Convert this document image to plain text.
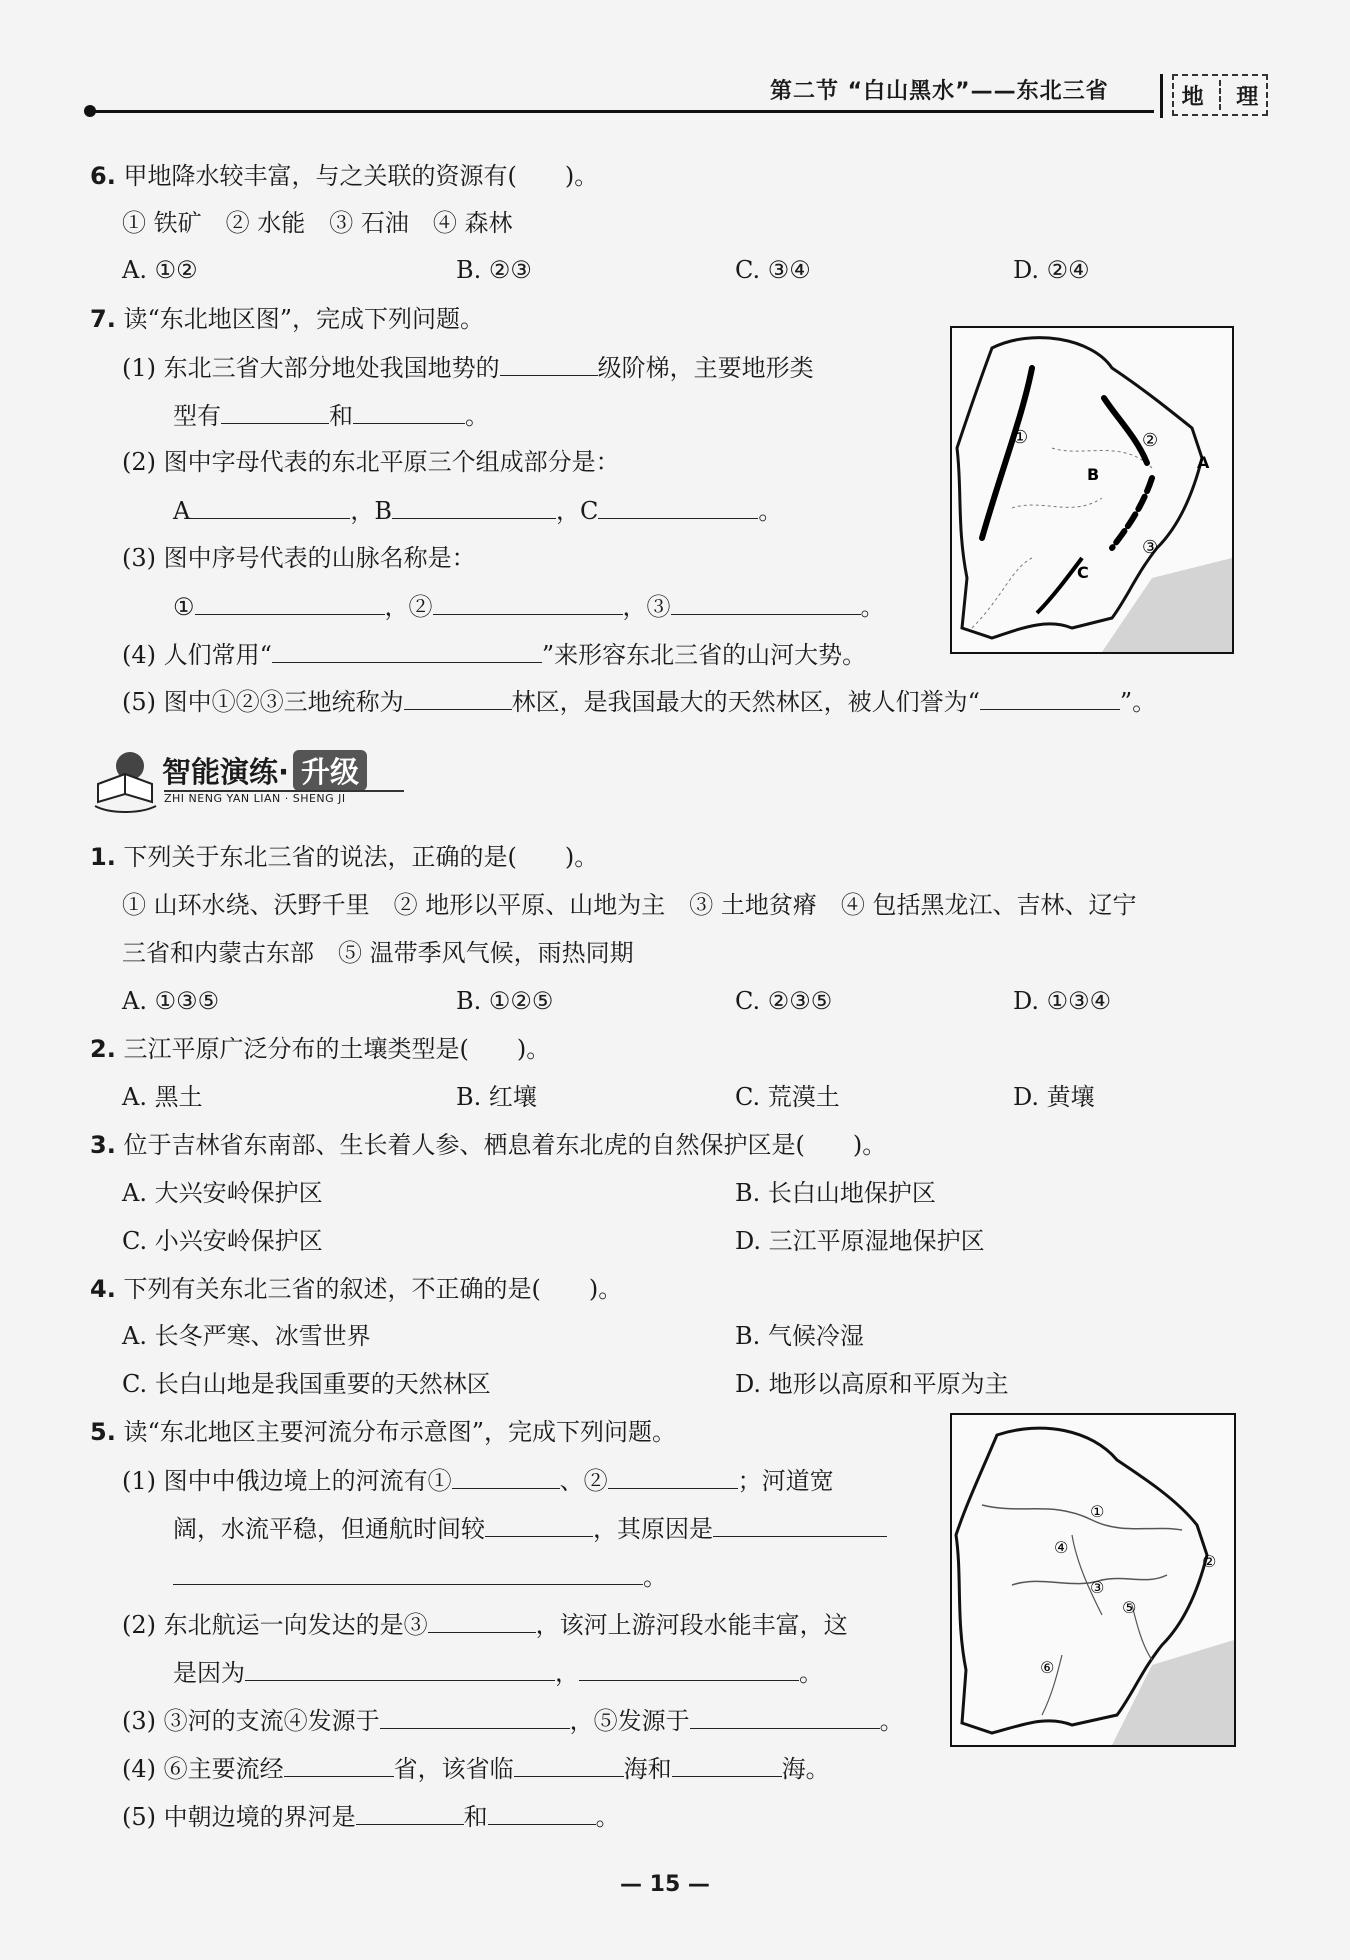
第二节 “白山黑水”——东北三省	地 理
6. 甲地降水较丰富，与之关联的资源有(　　)。
① 铁矿　② 水能　③ 石油　④ 森林
A. ①②	B. ②③	C. ③④	D. ②④
7. 读“东北地区图”，完成下列问题。
(1) 东北三省大部分地处我国地势的	级阶梯，主要地形类
型有	和	。
(2) 图中字母代表的东北平原三个组成部分是：
A	，B	，C	。
(3) 图中序号代表的山脉名称是：
①	，②	，③	。
(4) 人们常用“	”来形容东北三省的山河大势。
(5) 图中①②③三地统称为	林区，是我国最大的天然林区，被人们誉为“	”。
①	②
③
A
B
C
智能演练· 升级
ZHI NENG YAN LIAN · SHENG JI
1. 下列关于东北三省的说法，正确的是(　　)。
① 山环水绕、沃野千里　② 地形以平原、山地为主　③ 土地贫瘠　④ 包括黑龙江、吉林、辽宁
三省和内蒙古东部　⑤ 温带季风气候，雨热同期
A. ①③⑤	B. ①②⑤	C. ②③⑤	D. ①③④
2. 三江平原广泛分布的土壤类型是(　　)。
A. 黑土	B. 红壤	C. 荒漠土	D. 黄壤
3. 位于吉林省东南部、生长着人参、栖息着东北虎的自然保护区是(　　)。
A. 大兴安岭保护区	B. 长白山地保护区
C. 小兴安岭保护区	D. 三江平原湿地保护区
4. 下列有关东北三省的叙述，不正确的是(　　)。
A. 长冬严寒、冰雪世界	B. 气候冷湿
C. 长白山地是我国重要的天然林区	D. 地形以高原和平原为主
5. 读“东北地区主要河流分布示意图”，完成下列问题。
(1) 图中中俄边境上的河流有①	、②	；河道宽
阔，水流平稳，但通航时间较	，其原因是
。
(2) 东北航运一向发达的是③	，该河上游河段水能丰富，这
是因为	，	。
(3) ③河的支流④发源于	，⑤发源于	。
(4) ⑥主要流经	省，该省临	海和	海。
(5) 中朝边境的界河是	和	。
①
②
③
④
⑤
⑥
— 15 —
